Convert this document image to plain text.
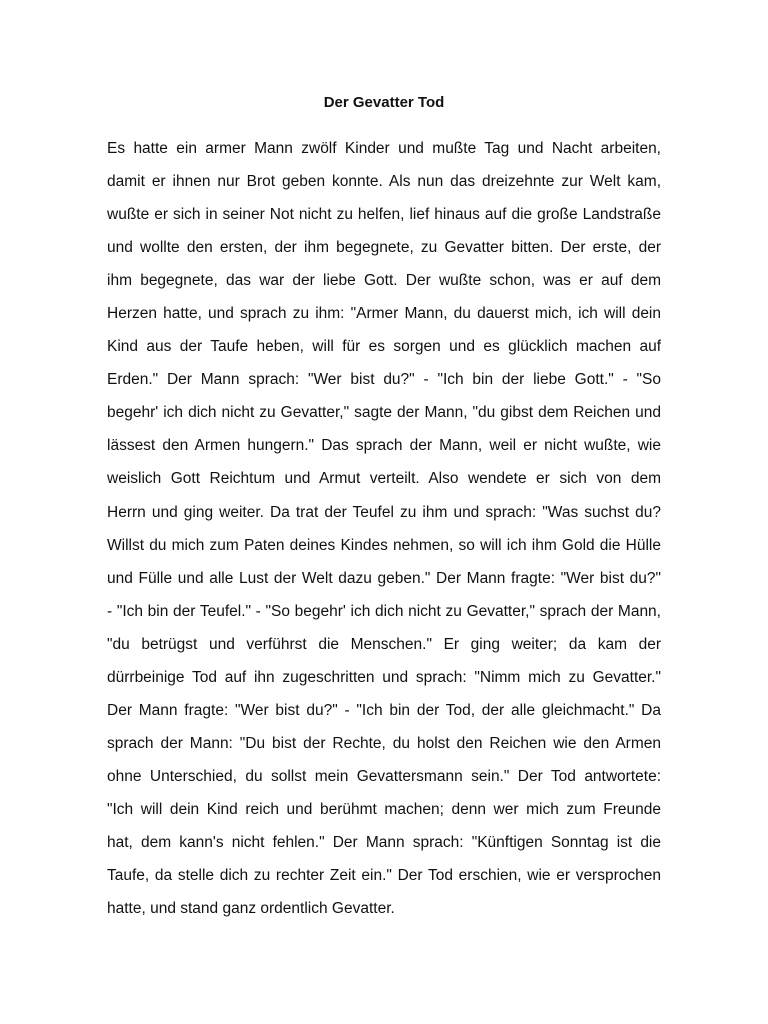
Der Gevatter Tod
Es hatte ein armer Mann zwölf Kinder und mußte Tag und Nacht arbeiten,
damit er ihnen nur Brot geben konnte. Als nun das dreizehnte zur Welt kam,
wußte er sich in seiner Not nicht zu helfen, lief hinaus auf die große Landstraße
und wollte den ersten, der ihm begegnete, zu Gevatter bitten. Der erste, der
ihm begegnete, das war der liebe Gott. Der wußte schon, was er auf dem
Herzen hatte, und sprach zu ihm: "Armer Mann, du dauerst mich, ich will dein
Kind aus der Taufe heben, will für es sorgen und es glücklich machen auf
Erden." Der Mann sprach: "Wer bist du?" - "Ich bin der liebe Gott." - "So
begehr' ich dich nicht zu Gevatter," sagte der Mann, "du gibst dem Reichen und
lässest den Armen hungern." Das sprach der Mann, weil er nicht wußte, wie
weislich Gott Reichtum und Armut verteilt. Also wendete er sich von dem
Herrn und ging weiter. Da trat der Teufel zu ihm und sprach: "Was suchst du?
Willst du mich zum Paten deines Kindes nehmen, so will ich ihm Gold die Hülle
und Fülle und alle Lust der Welt dazu geben." Der Mann fragte: "Wer bist du?"
- "Ich bin der Teufel." - "So begehr' ich dich nicht zu Gevatter," sprach der Mann,
"du betrügst und verführst die Menschen." Er ging weiter; da kam der
dürrbeinige Tod auf ihn zugeschritten und sprach: "Nimm mich zu Gevatter."
Der Mann fragte: "Wer bist du?" - "Ich bin der Tod, der alle gleichmacht." Da
sprach der Mann: "Du bist der Rechte, du holst den Reichen wie den Armen
ohne Unterschied, du sollst mein Gevattersmann sein." Der Tod antwortete:
"Ich will dein Kind reich und berühmt machen; denn wer mich zum Freunde
hat, dem kann's nicht fehlen." Der Mann sprach: "Künftigen Sonntag ist die
Taufe, da stelle dich zu rechter Zeit ein." Der Tod erschien, wie er versprochen
hatte, und stand ganz ordentlich Gevatter.
